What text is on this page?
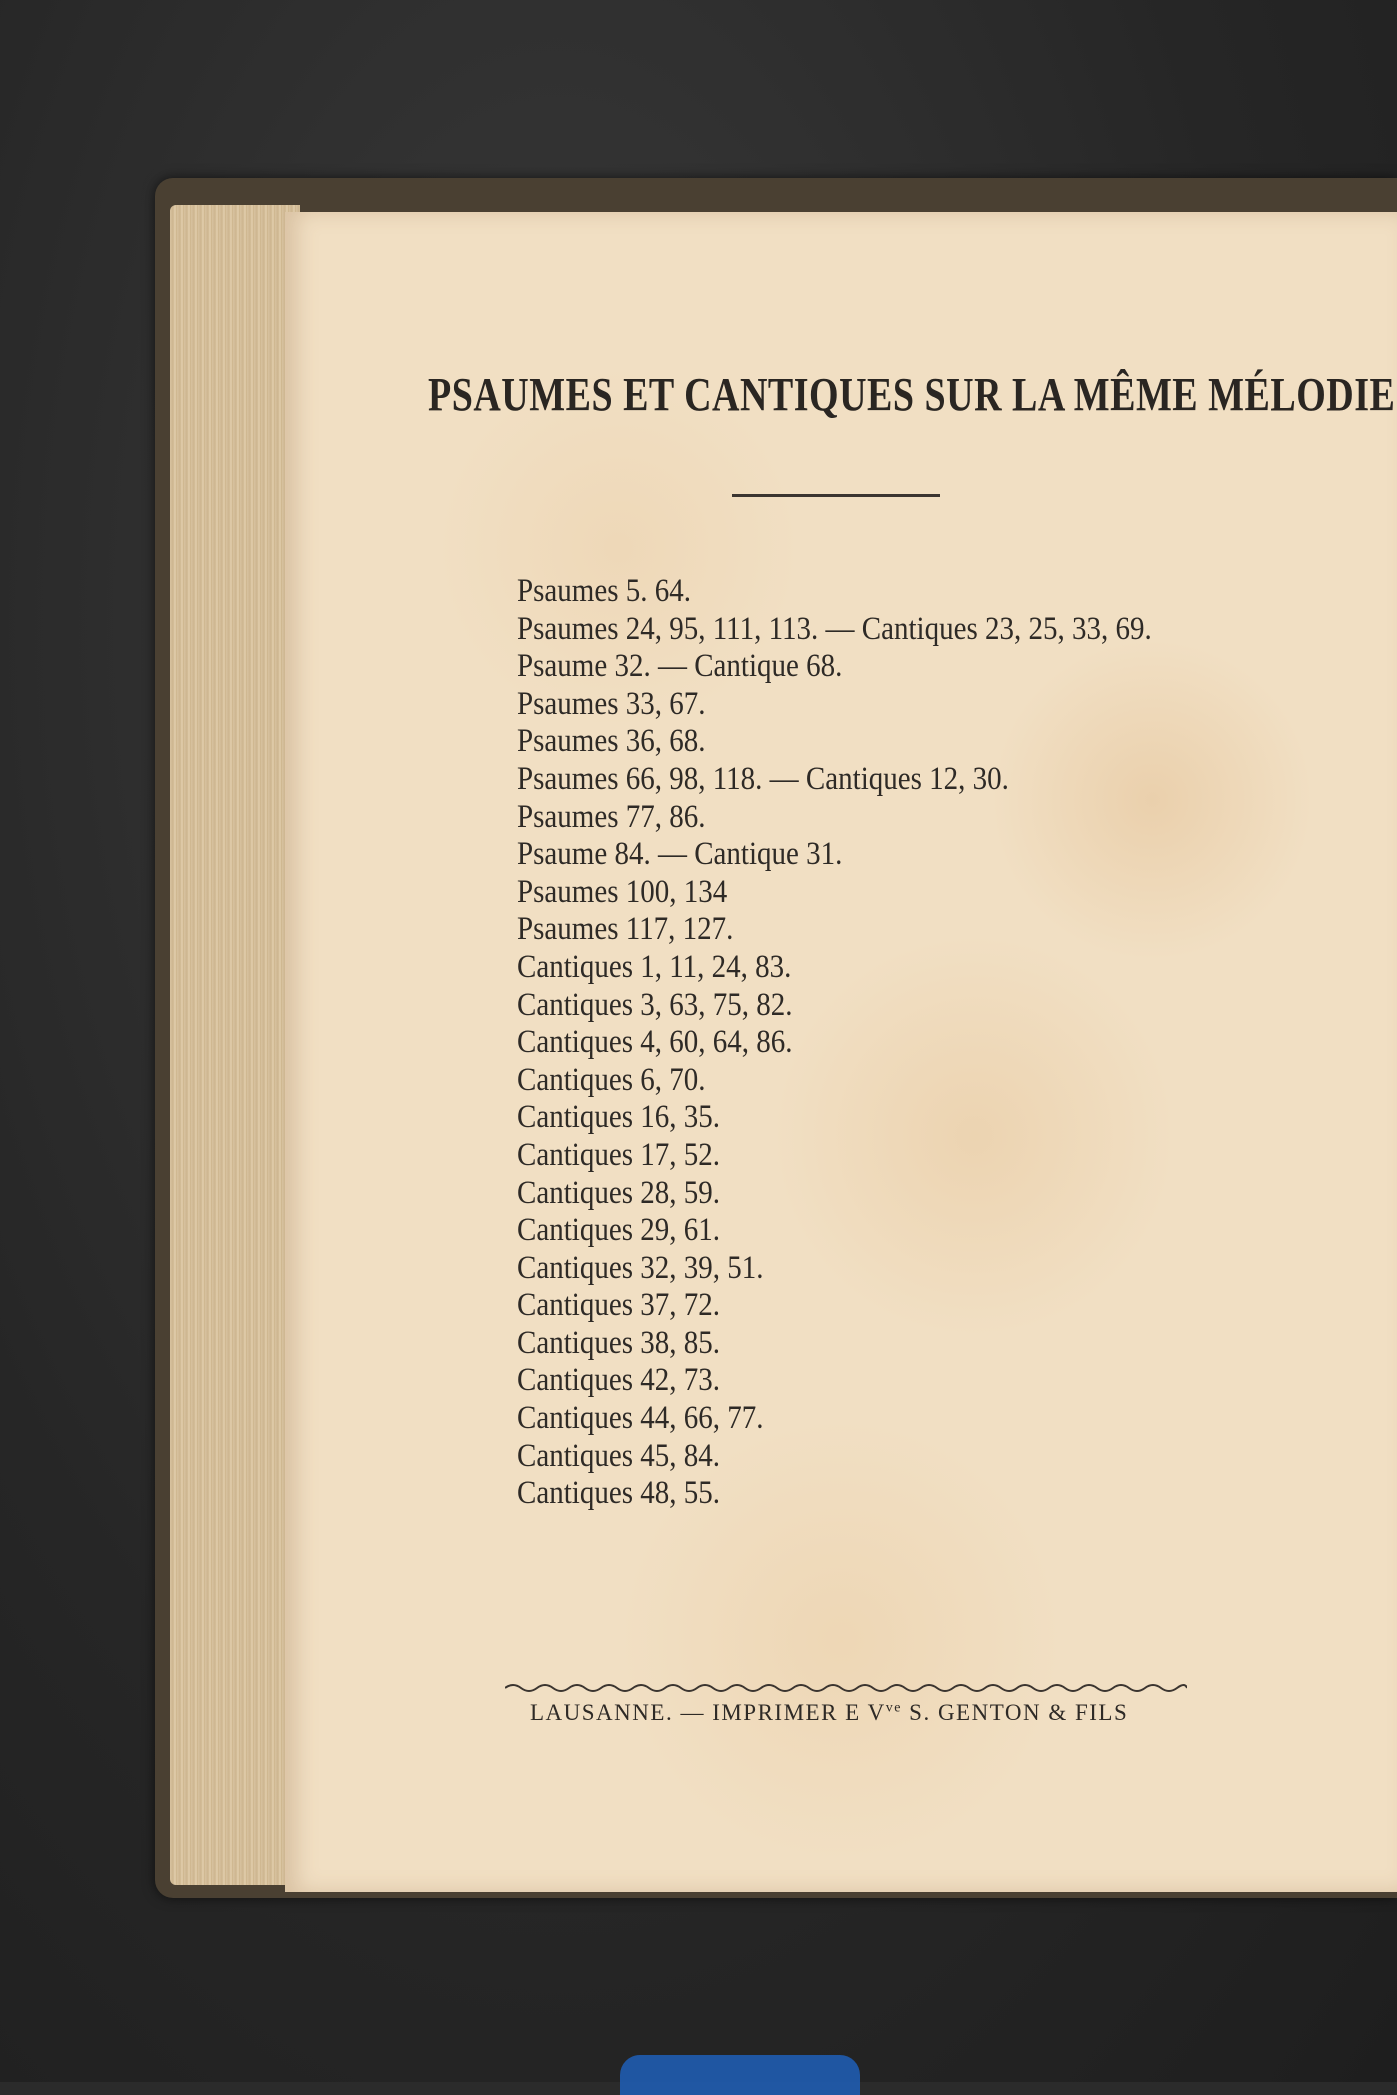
PSAUMES ET CANTIQUES SUR LA MÊME MÉLODIE
Psaumes 5. 64.
Psaumes 24, 95, 111, 113. — Cantiques 23, 25, 33, 69.
Psaume 32. — Cantique 68.
Psaumes 33, 67.
Psaumes 36, 68.
Psaumes 66, 98, 118. — Cantiques 12, 30.
Psaumes 77, 86.
Psaume 84. — Cantique 31.
Psaumes 100, 134
Psaumes 117, 127.
Cantiques 1, 11, 24, 83.
Cantiques 3, 63, 75, 82.
Cantiques 4, 60, 64, 86.
Cantiques 6, 70.
Cantiques 16, 35.
Cantiques 17, 52.
Cantiques 28, 59.
Cantiques 29, 61.
Cantiques 32, 39, 51.
Cantiques 37, 72.
Cantiques 38, 85.
Cantiques 42, 73.
Cantiques 44, 66, 77.
Cantiques 45, 84.
Cantiques 48, 55.
LAUSANNE. — IMPRIMER E $V^{ve}$ S. GENTON & FILS
